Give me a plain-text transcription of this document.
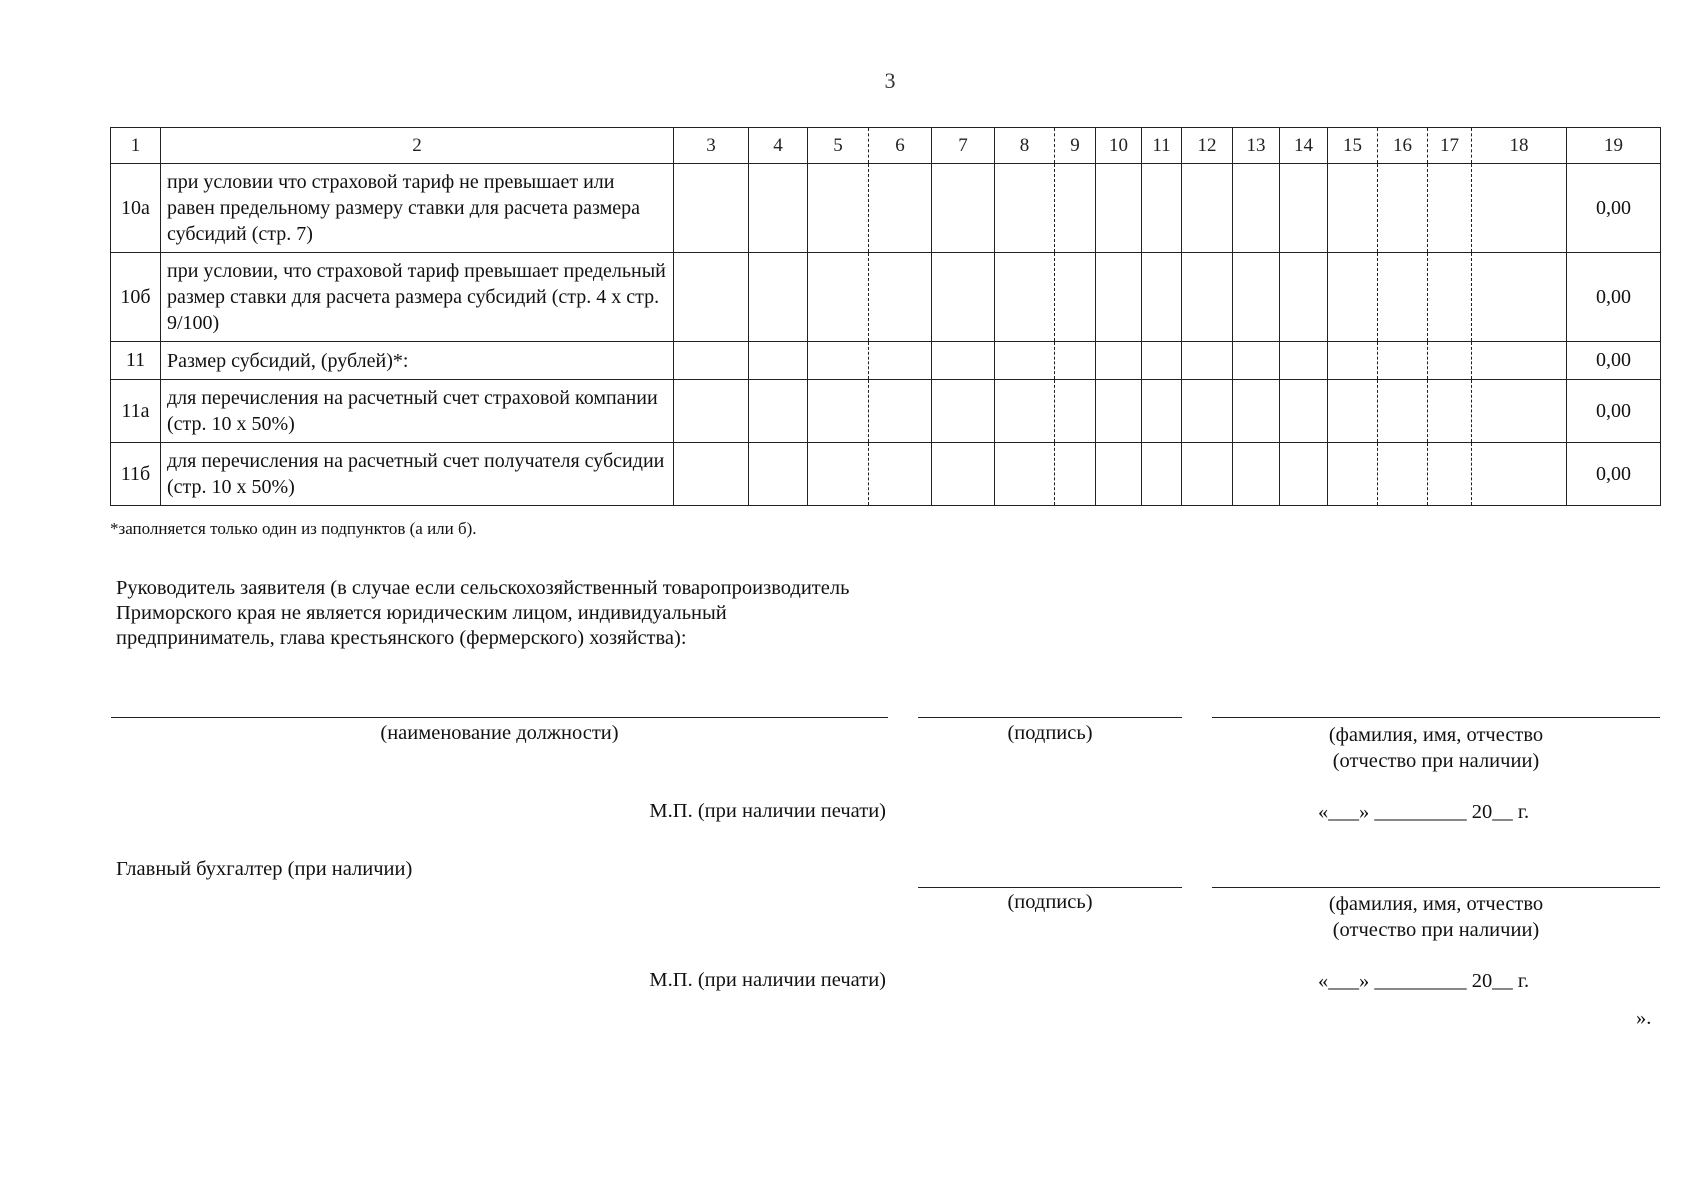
3
1	2	3	4	5	6	7	8	9	10	11	12	13	14	15	16	17	18	19
10а	при условии что страховой тариф не превышает или равен предельному размеру ставки для расчета размера субсидий (стр. 7)																	0,00
10б	при условии, что страховой тариф превышает предельный размер ставки для расчета размера субсидий (стр. 4 х стр. 9/100)																	0,00
11	Размер субсидий, (рублей)*:																	0,00
11а	для перечисления на расчетный счет страховой компании (стр. 10 х 50%)																	0,00
11б	для перечисления на расчетный счет получателя субсидии (стр. 10 х 50%)																	0,00
*заполняется только один из подпунктов (а или б).
Руководитель заявителя (в случае если сельскохозяйственный товаропроизводитель Приморского края не является юридическим лицом, индивидуальный предприниматель, глава крестьянского (фермерского) хозяйства):
(наименование должности)	(подпись)	(фамилия, имя, отчество
(отчество при наличии)
М.П. (при наличии печати)	«___» _________ 20__ г.
Главный бухгалтер (при наличии)
(подпись)	(фамилия, имя, отчество
(отчество при наличии)
М.П. (при наличии печати)	«___» _________ 20__ г.
».
